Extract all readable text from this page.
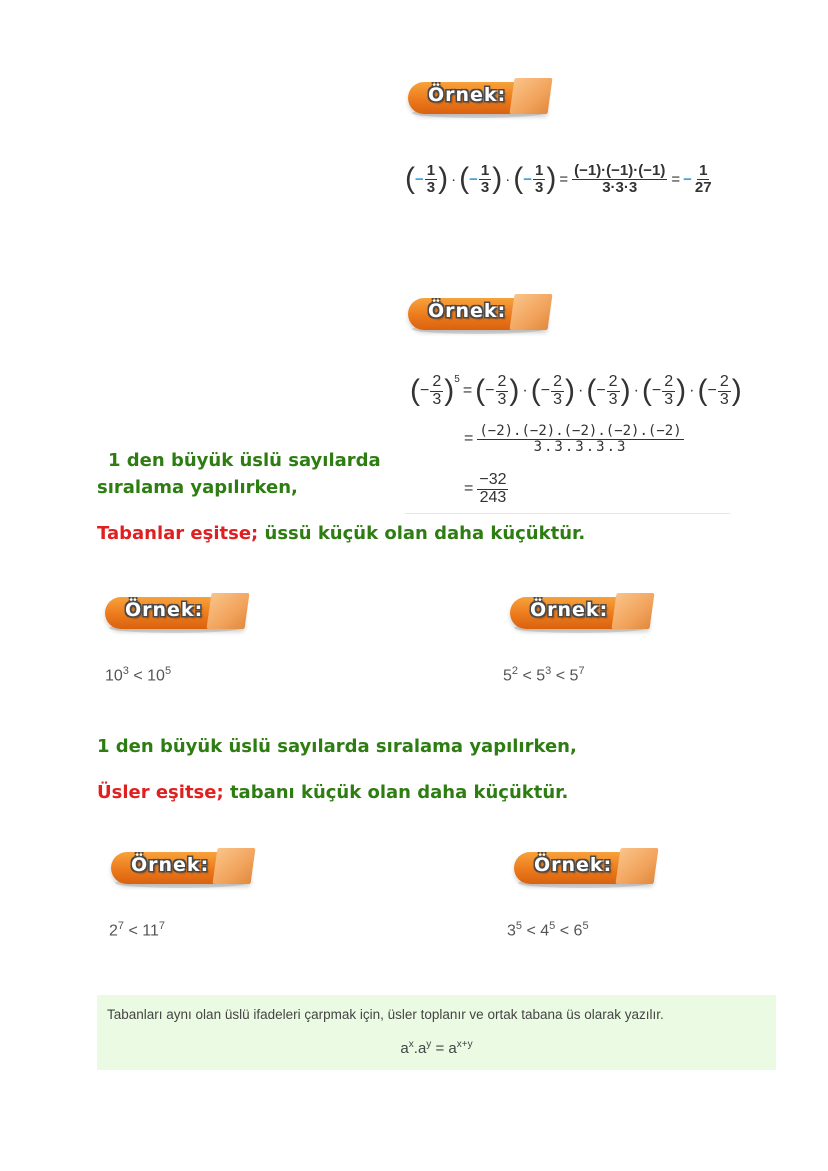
Örnek:
( − $\frac{1}{3}$ ) · ( − $\frac{1}{3}$ ) · ( − $\frac{1}{3}$ ) = $\frac{(-1)\cdot(-1)\cdot(-1)}{3\cdot 3\cdot 3}$ = − $\frac{1}{27}$
Örnek:
( − $\frac{2}{3} )^5$
= ( − $\frac{2}{3}$ ) · ( − $\frac{2}{3}$ ) · ( − $\frac{2}{3}$ ) · ( − $\frac{2}{3}$ ) · ( − $\frac{2}{3}$ )
= $\frac{(-2).(-2).(-2).(-2).(-2)}{3.3.3.3.3}$
= $\frac{-32}{243}$
1 den büyük üslü sayılarda
sıralama yapılırken,
Tabanlar eşitse; üssü küçük olan daha küçüktür.
Örnek:	Örnek:
$10^3 < 10^5$	$5^2 < 5^3 < 5^7$
1 den büyük üslü sayılarda sıralama yapılırken,
Üsler eşitse; tabanı küçük olan daha küçüktür.
Örnek:	Örnek:
$2^7 < 11^7$	$3^5 < 4^5 < 6^5$
Tabanları aynı olan üslü ifadeleri çarpmak için, üsler toplanır ve ortak tabana üs olarak yazılır.
$a^x.a^y = a^{x+y}$
